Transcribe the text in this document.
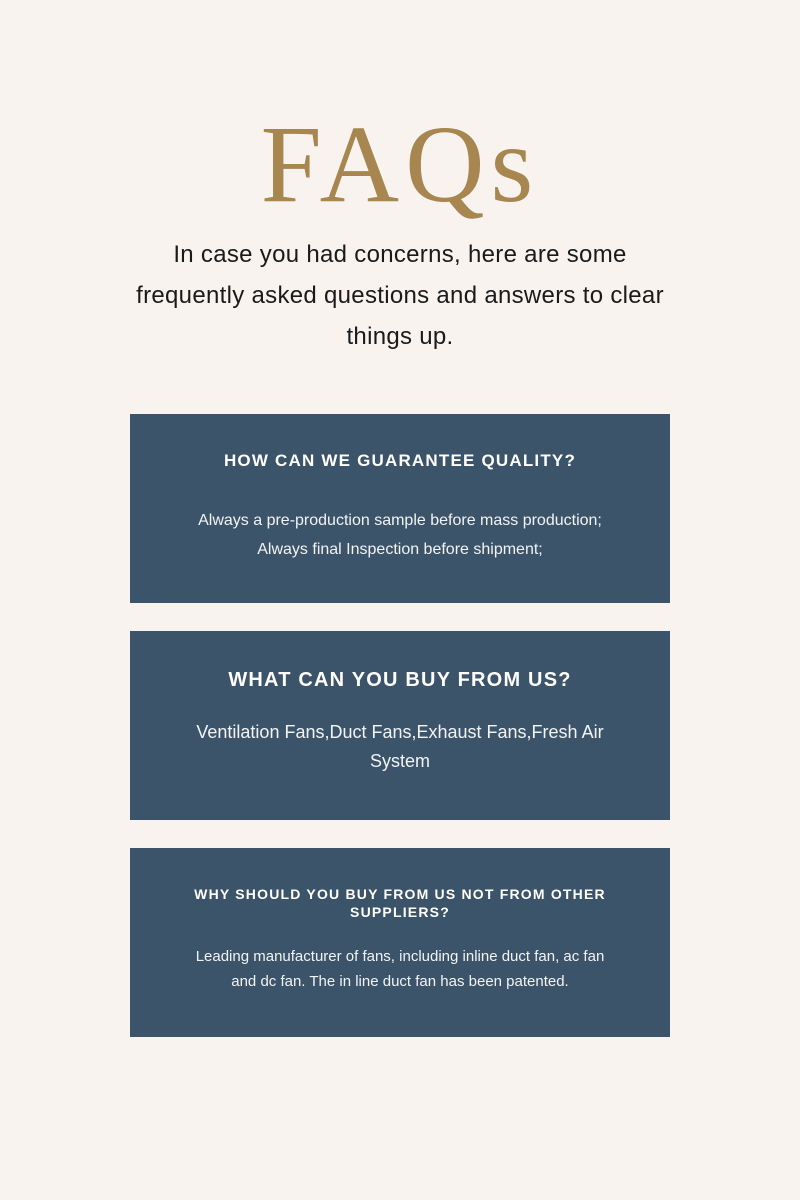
FAQs

In case you had concerns, here are some frequently asked questions and answers to clear things up.

HOW CAN WE GUARANTEE QUALITY?

Always a pre-production sample before mass production;
Always final Inspection before shipment;

WHAT CAN YOU BUY FROM US?

Ventilation Fans,Duct Fans,Exhaust Fans,Fresh Air
System

WHY SHOULD YOU BUY FROM US NOT FROM OTHER SUPPLIERS?

Leading manufacturer of fans, including inline duct fan, ac fan
and dc fan. The in line duct fan has been patented.
